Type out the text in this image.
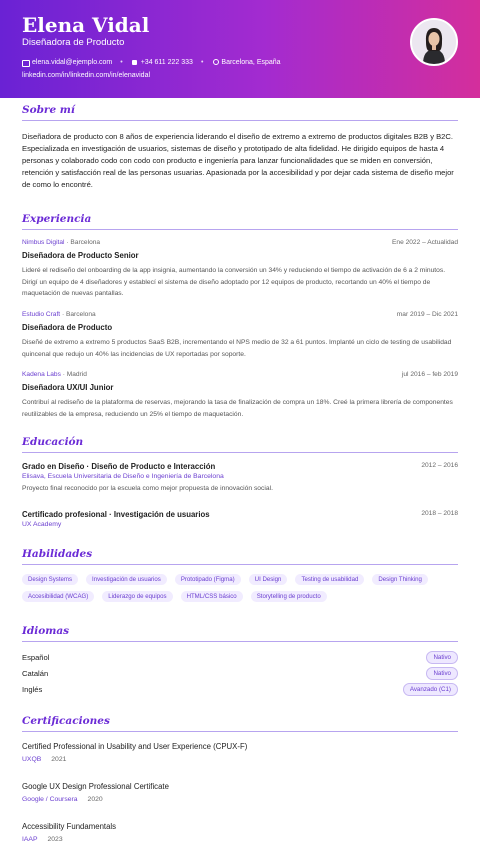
Elena Vidal
Diseñadora de Producto
elena.vidal@ejemplo.com •	+34 611 222 333 •	Barcelona, España
linkedin.com/in/linkedin.com/in/elenavidal
Sobre mí
Diseñadora de producto con 8 años de experiencia liderando el diseño de extremo a extremo de productos digitales B2B y B2C. Especializada en investigación de usuarios, sistemas de diseño y prototipado de alta fidelidad. He dirigido equipos de hasta 4 personas y colaborado codo con codo con producto e ingeniería para lanzar funcionalidades que se miden en conversión, retención y satisfacción real de las personas usuarias. Apasionada por la accesibilidad y por dejar cada sistema de diseño mejor de como lo encontré.
Experiencia
Nimbus Digital · Barcelona	Ene 2022 – Actualidad
Diseñadora de Producto Senior
Lideré el rediseño del onboarding de la app insignia, aumentando la conversión un 34% y reduciendo el tiempo de activación de 6 a 2 minutos. Dirigí un equipo de 4 diseñadores y establecí el sistema de diseño adoptado por 12 equipos de producto, recortando un 40% el tiempo de maquetación de nuevas pantallas.
Estudio Craft · Barcelona	mar 2019 – Dic 2021
Diseñadora de Producto
Diseñé de extremo a extremo 5 productos SaaS B2B, incrementando el NPS medio de 32 a 61 puntos. Implanté un ciclo de testing de usabilidad quincenal que redujo un 40% las incidencias de UX reportadas por soporte.
Kadena Labs · Madrid	jul 2016 – feb 2019
Diseñadora UX/UI Junior
Contribuí al rediseño de la plataforma de reservas, mejorando la tasa de finalización de compra un 18%. Creé la primera librería de componentes reutilizables de la empresa, reduciendo un 25% el tiempo de maquetación.
Educación
Grado en Diseño · Diseño de Producto e Interacción	2012 – 2016
Elisava, Escuela Universitaria de Diseño e Ingeniería de Barcelona
Proyecto final reconocido por la escuela como mejor propuesta de innovación social.
Certificado profesional · Investigación de usuarios	2018 – 2018
UX Academy
Habilidades
Design Systems	Investigación de usuarios	Prototipado (Figma)	UI Design	Testing de usabilidad	Design Thinking
Accesibilidad (WCAG)	Liderazgo de equipos	HTML/CSS básico	Storytelling de producto
Idiomas
Español	Nativo
Catalán	Nativo
Inglés	Avanzado (C1)
Certificaciones
Certified Professional in Usability and User Experience (CPUX-F)
UXQB 2021
Google UX Design Professional Certificate
Google / Coursera 2020
Accessibility Fundamentals
IAAP 2023
